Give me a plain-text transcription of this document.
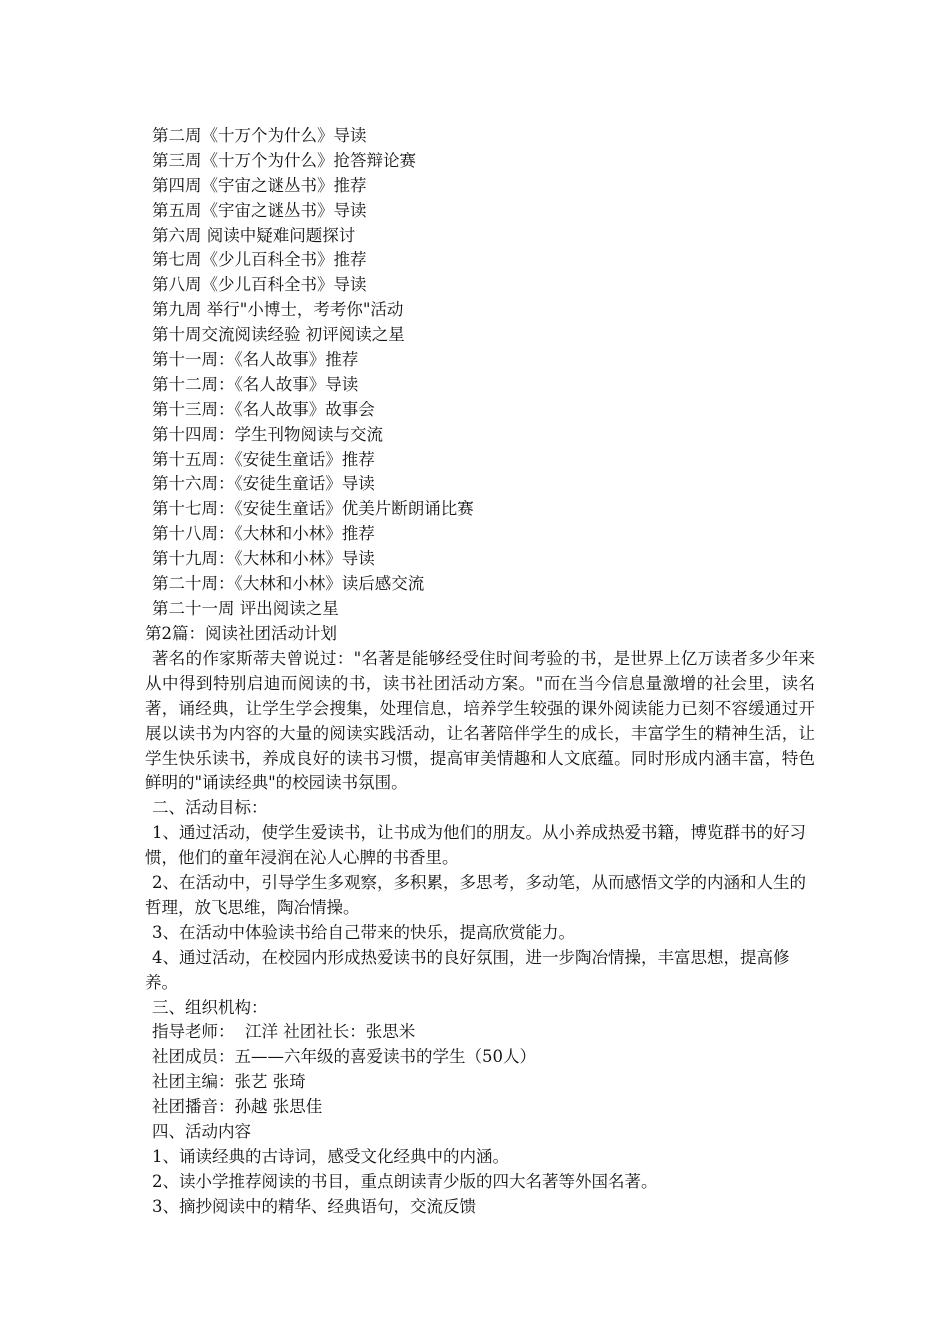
第二周《十万个为什么》导读
第三周《十万个为什么》抢答辩论赛
第四周《宇宙之谜丛书》推荐
第五周《宇宙之谜丛书》导读
第六周 阅读中疑难问题探讨
第七周《少儿百科全书》推荐
第八周《少儿百科全书》导读
第九周 举行"小博士，考考你"活动
第十周交流阅读经验 初评阅读之星
第十一周：《名人故事》推荐
第十二周：《名人故事》导读
第十三周：《名人故事》故事会
第十四周：学生刊物阅读与交流
第十五周：《安徒生童话》推荐
第十六周：《安徒生童话》导读
第十七周：《安徒生童话》优美片断朗诵比赛
第十八周：《大林和小林》推荐
第十九周：《大林和小林》导读
第二十周：《大林和小林》读后感交流
第二十一周 评出阅读之星
第2篇：阅读社团活动计划
著名的作家斯蒂夫曾说过："名著是能够经受住时间考验的书，是世界上亿万读者多少年来从中得到特别启迪而阅读的书，读书社团活动方案。"而在当今信息量激增的社会里，读名著，诵经典，让学生学会搜集，处理信息，培养学生较强的课外阅读能力已刻不容缓通过开展以读书为内容的大量的阅读实践活动，让名著陪伴学生的成长，丰富学生的精神生活，让学生快乐读书，养成良好的读书习惯，提高审美情趣和人文底蕴。同时形成内涵丰富，特色鲜明的"诵读经典"的校园读书氛围。
二、活动目标：
1、通过活动，使学生爱读书，让书成为他们的朋友。从小养成热爱书籍，博览群书的好习惯，他们的童年浸润在沁人心脾的书香里。
2、在活动中，引导学生多观察，多积累，多思考，多动笔，从而感悟文学的内涵和人生的哲理，放飞思维，陶冶情操。
3、在活动中体验读书给自己带来的快乐，提高欣赏能力。
4、通过活动，在校园内形成热爱读书的良好氛围，进一步陶冶情操，丰富思想，提高修养。
三、组织机构：
指导老师：  江洋 社团社长：张思米
社团成员：五——六年级的喜爱读书的学生（50人）
社团主编：张艺 张琦
社团播音：孙越 张思佳
四、活动内容
1、诵读经典的古诗词，感受文化经典中的内涵。
2、读小学推荐阅读的书目，重点朗读青少版的四大名著等外国名著。
3、摘抄阅读中的精华、经典语句，交流反馈
